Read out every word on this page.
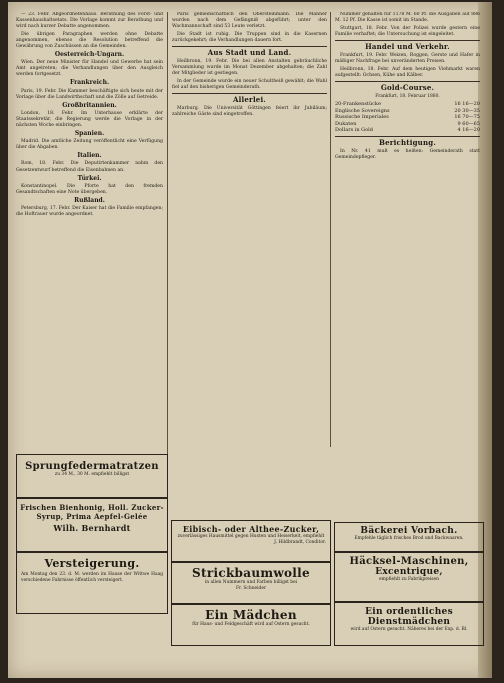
— 23. Febr. Abgeordnetenhaus. Berathung des Forst- und Kassenhaushaltsetats. Die Vorlage kommt zur Berathung und wird nach kurzer Debatte angenommen.

Die übrigen Paragraphen werden ohne Debatte angenommen, ebenso die Resolution betreffend die Gewährung von Zuschüssen an die Gemeinden.

Oesterreich-Ungarn.

Wien. Der neue Minister für Handel und Gewerbe hat sein Amt angetreten; die Verhandlungen über den Ausgleich werden fortgesetzt.

Frankreich.

Paris, 19. Febr. Die Kammer beschäftigte sich heute mit der Vorlage über die Landwirthschaft und die Zölle auf Getreide.

Großbritannien.

London, 18. Febr. Im Unterhause erklärte der Staatssekretär, die Regierung werde die Vorlage in der nächsten Woche einbringen.

Spanien.

Madrid. Die amtliche Zeitung veröffentlicht eine Verfügung über die Abgaben.

Italien.

Rom, 18. Febr. Die Deputirtenkammer nahm den Gesetzentwurf betreffend die Eisenbahnen an.

Türkei.

Konstantinopel. Die Pforte hat den fremden Gesandtschaften eine Note übergeben.

Rußland.

Petersburg, 17. Febr. Der Kaiser hat die Familie empfangen; die Hoftrauer wurde angeordnet.

Paris gemeinschaftlich den Obersteinmann. Die Männer wurden nach dem Gefängniß abgeführt; unter den Wachmannschaft sind 53 Leute verletzt.

Die Stadt ist ruhig. Die Truppen sind in die Kasernen zurückgekehrt; die Verhandlungen dauern fort.

Aus Stadt und Land.

Heilbronn, 19. Febr. Die bei allen Anstalten gebräuchliche Versammlung wurde im Monat Dezember abgehalten; die Zahl der Mitglieder ist gestiegen.

In der Gemeinde wurde ein neuer Schultheiß gewählt; die Wahl fiel auf den bisherigen Gemeinderath.

Allerlei.

Marburg. Die Universität Göttingen feiert ihr Jubiläum; zahlreiche Gäste sind eingetroffen.

Nummer gehalten für 1178 M. 60 Pf. die Ausgaben auf 886 M. 12 Pf. Die Kasse ist somit im Stande.

Stuttgart, 18. Febr. Von der Polizei wurde gestern eine Familie verhaftet; die Untersuchung ist eingeleitet.

Handel und Verkehr.

Frankfurt, 19. Febr. Weizen, Roggen, Gerste und Hafer in mäßiger Nachfrage bei unveränderten Preisen.

Heilbronn, 18. Febr. Auf dem heutigen Viehmarkt waren aufgestellt: Ochsen, Kühe und Kälber.

Gold-Course.
Frankfurt, 18. Februar 1880.
20-Frankenstücke	16 16—20
Englische Sovereigns	20 30—35
Russische Imperiales	16 70—75
Dukaten	9 60—65
Dollars in Gold	4 16—20
Berichtigung.

In Nr. 41 muß es heißen: Gemeinderath statt Gemeindepfleger.

Sprungfedermatratzen
zu 34 M., 30 M. empfiehlt billigst
Frischen Bienhonig, Holl. Zucker-Syrup, Prima Aepfel-Gelée
Wilh. Bernhardt
Versteigerung.
Am Montag den 23. d. M. werden im Hause der Wittwe Haag verschiedene Fahrnisse öffentlich versteigert.
Eibisch- oder Althee-Zucker,
zuverlässiges Hausmittel gegen Husten und Heiserkeit, empfiehlt
J. Hildbrandt, Conditor.
Strickbaumwolle
in allen Nummern und Farben billigst bei
Fr. Schneider
Ein Mädchen
für Haus- und Feldgeschäft wird auf Ostern gesucht.
Bäckerei Vorbach.
Empfehle täglich frisches Brod und Backwaaren.
Häcksel-Maschinen,
Excentrique,
empfiehlt zu Fabrikpreisen
Ein ordentliches Dienstmädchen
wird auf Ostern gesucht. Näheres bei der Exp. d. Bl.
